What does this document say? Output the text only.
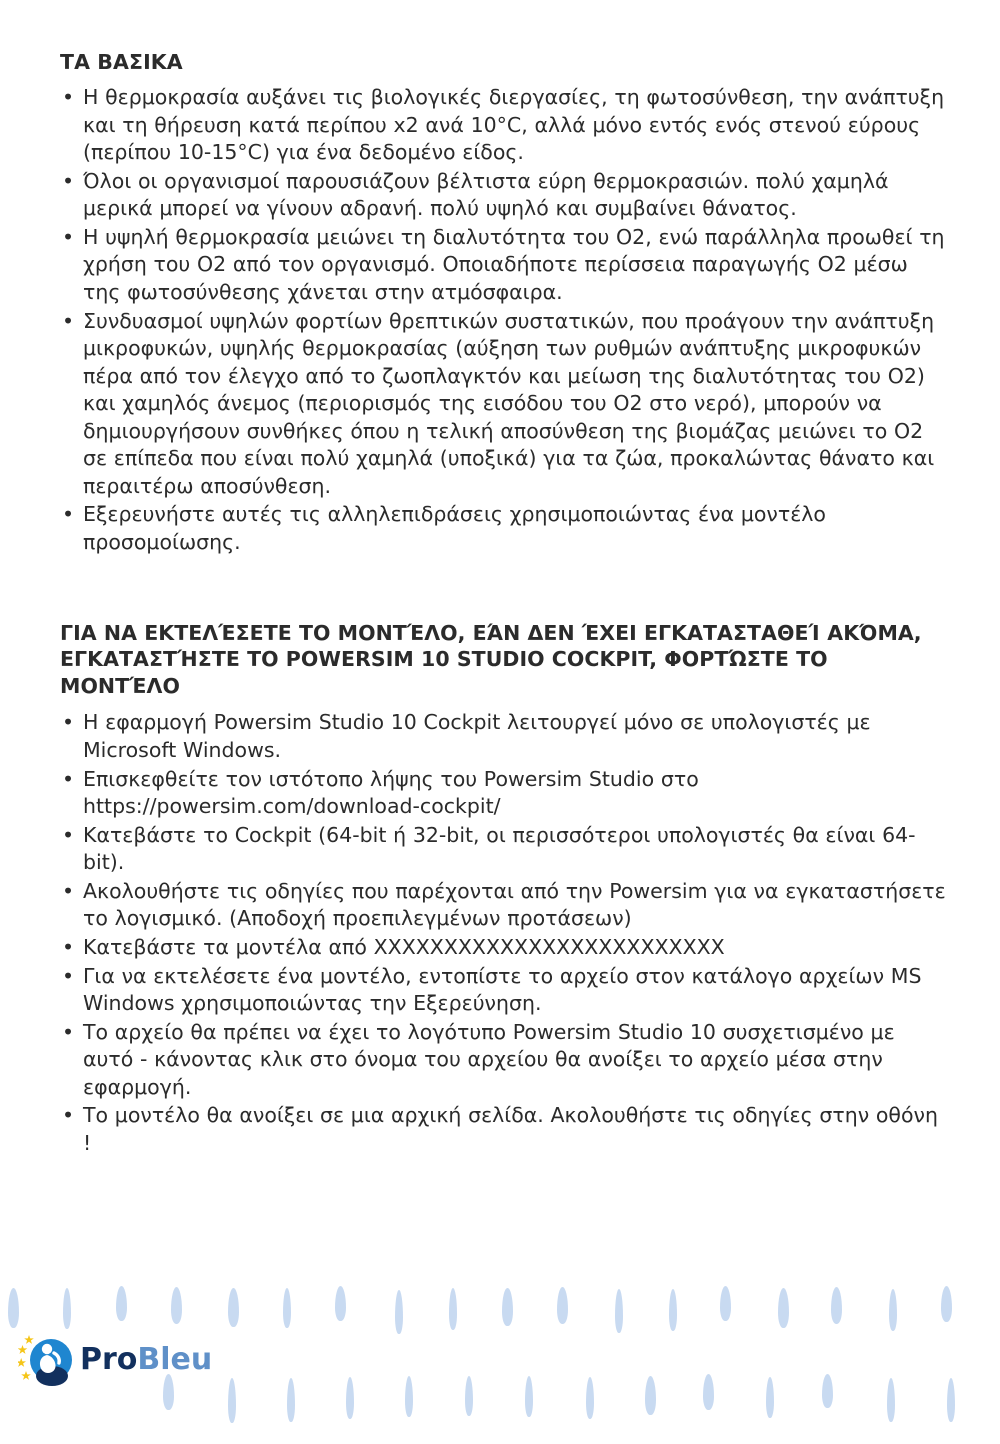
ΤΑ ΒΑΣΙΚΑ
• Η θερμοκρασία αυξάνει τις βιολογικές διεργασίες, τη φωτοσύνθεση, την ανάπτυξη και τη θήρευση κατά περίπου x2 ανά 10°C, αλλά μόνο εντός ενός στενού εύρους (περίπου 10-15°C) για ένα δεδομένο είδος.
• Όλοι οι οργανισμοί παρουσιάζουν βέλτιστα εύρη θερμοκρασιών. πολύ χαμηλά μερικά μπορεί να γίνουν αδρανή. πολύ υψηλό και συμβαίνει θάνατος.
• Η υψηλή θερμοκρασία μειώνει τη διαλυτότητα του Ο2, ενώ παράλληλα προωθεί τη χρήση του Ο2 από τον οργανισμό. Οποιαδήποτε περίσσεια παραγωγής Ο2 μέσω της φωτοσύνθεσης χάνεται στην ατμόσφαιρα.
• Συνδυασμοί υψηλών φορτίων θρεπτικών συστατικών, που προάγουν την ανάπτυξη μικροφυκών, υψηλής θερμοκρασίας (αύξηση των ρυθμών ανάπτυξης μικροφυκών πέρα από τον έλεγχο από το ζωοπλαγκτόν και μείωση της διαλυτότητας του Ο2) και χαμηλός άνεμος (περιορισμός της εισόδου του Ο2 στο νερό), μπορούν να δημιουργήσουν συνθήκες όπου η τελική αποσύνθεση της βιομάζας μειώνει το Ο2 σε επίπεδα που είναι πολύ χαμηλά (υποξικά) για τα ζώα, προκαλώντας θάνατο και περαιτέρω αποσύνθεση.
• Εξερευνήστε αυτές τις αλληλεπιδράσεις χρησιμοποιώντας ένα μοντέλο προσομοίωσης.
ΓΙΑ ΝΑ ΕΚΤΕΛΈΣΕΤΕ ΤΟ ΜΟΝΤΈΛΟ, ΕΆΝ ΔΕΝ ΈΧΕΙ ΕΓΚΑΤΑΣΤΑΘΕΊ ΑΚΌΜΑ, ΕΓΚΑΤΑΣΤΉΣΤΕ ΤΟ POWERSIM 10 STUDIO COCKPIT, ΦΟΡΤΏΣΤΕ ΤΟ ΜΟΝΤΈΛΟ
• Η εφαρμογή Powersim Studio 10 Cockpit λειτουργεί μόνο σε υπολογιστές με Microsoft Windows.
• Επισκεφθείτε τον ιστότοπο λήψης του Powersim Studio στο https://powersim.com/download-cockpit/
• Κατεβάστε το Cockpit (64-bit ή 32-bit, οι περισσότεροι υπολογιστές θα είναι 64-bit).
• Ακολουθήστε τις οδηγίες που παρέχονται από την Powersim για να εγκαταστήσετε το λογισμικό. (Αποδοχή προεπιλεγμένων προτάσεων)
• Κατεβάστε τα μοντέλα από XXXXXXXXXXXXXXXXXXXXXXXXX
• Για να εκτελέσετε ένα μοντέλο, εντοπίστε το αρχείο στον κατάλογο αρχείων MS Windows χρησιμοποιώντας την Εξερεύνηση.
• Το αρχείο θα πρέπει να έχει το λογότυπο Powersim Studio 10 συσχετισμένο με αυτό - κάνοντας κλικ στο όνομα του αρχείου θα ανοίξει το αρχείο μέσα στην εφαρμογή.
• Το μοντέλο θα ανοίξει σε μια αρχική σελίδα. Ακολουθήστε τις οδηγίες στην οθόνη !
ProBleu
